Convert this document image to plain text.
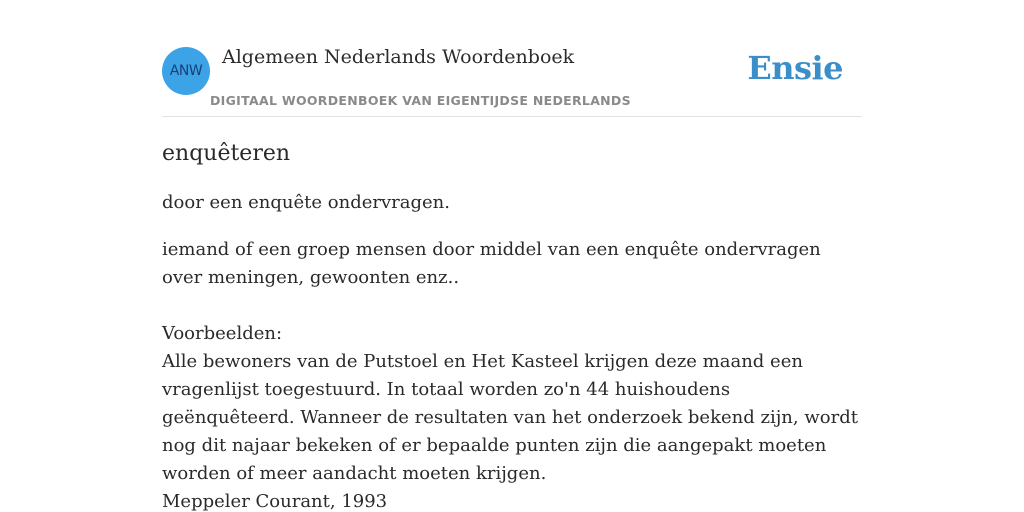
ANW
Algemeen Nederlands Woordenboek
DIGITAAL WOORDENBOEK VAN EIGENTIJDSE NEDERLANDS
Ensie
enquêteren

door een enquête ondervragen.

iemand of een groep mensen door middel van een enquête ondervragen over meningen, gewoonten enz..
Voorbeelden:
Alle bewoners van de Putstoel en Het Kasteel krijgen deze maand een vragenlijst toegestuurd. In totaal worden zo'n 44 huishoudens geënquêteerd. Wanneer de resultaten van het onderzoek bekend zijn, wordt nog dit najaar bekeken of er bepaalde punten zijn die aangepakt moeten worden of meer aandacht moeten krijgen.
Meppeler Courant, 1993
